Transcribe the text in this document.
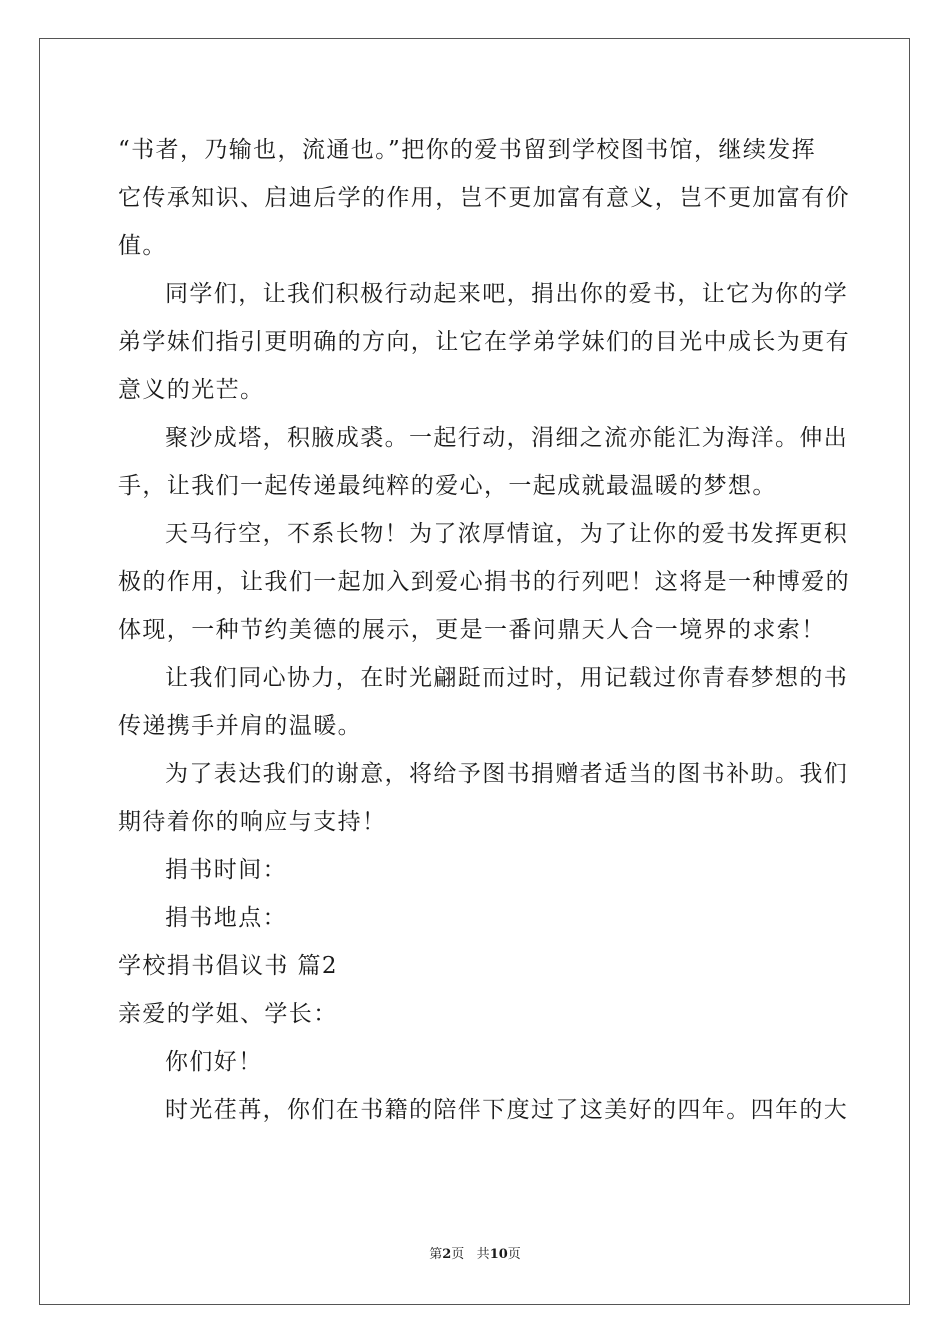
“书者，乃输也，流通也。”把你的爱书留到学校图书馆，继续发挥
它传承知识、启迪后学的作用，岂不更加富有意义，岂不更加富有价
值。
同学们，让我们积极行动起来吧，捐出你的爱书，让它为你的学
弟学妹们指引更明确的方向，让它在学弟学妹们的目光中成长为更有
意义的光芒。
聚沙成塔，积腋成裘。一起行动，涓细之流亦能汇为海洋。伸出
手，让我们一起传递最纯粹的爱心，一起成就最温暖的梦想。
天马行空，不系长物！为了浓厚情谊，为了让你的爱书发挥更积
极的作用，让我们一起加入到爱心捐书的行列吧！这将是一种博爱的
体现，一种节约美德的展示，更是一番问鼎天人合一境界的求索！
让我们同心协力，在时光翩跹而过时，用记载过你青春梦想的书
传递携手并肩的温暖。
为了表达我们的谢意，将给予图书捐赠者适当的图书补助。我们
期待着你的响应与支持！
捐书时间：
捐书地点：
学校捐书倡议书 篇2
亲爱的学姐、学长：
你们好！
时光荏苒，你们在书籍的陪伴下度过了这美好的四年。四年的大
第2页 共10页
